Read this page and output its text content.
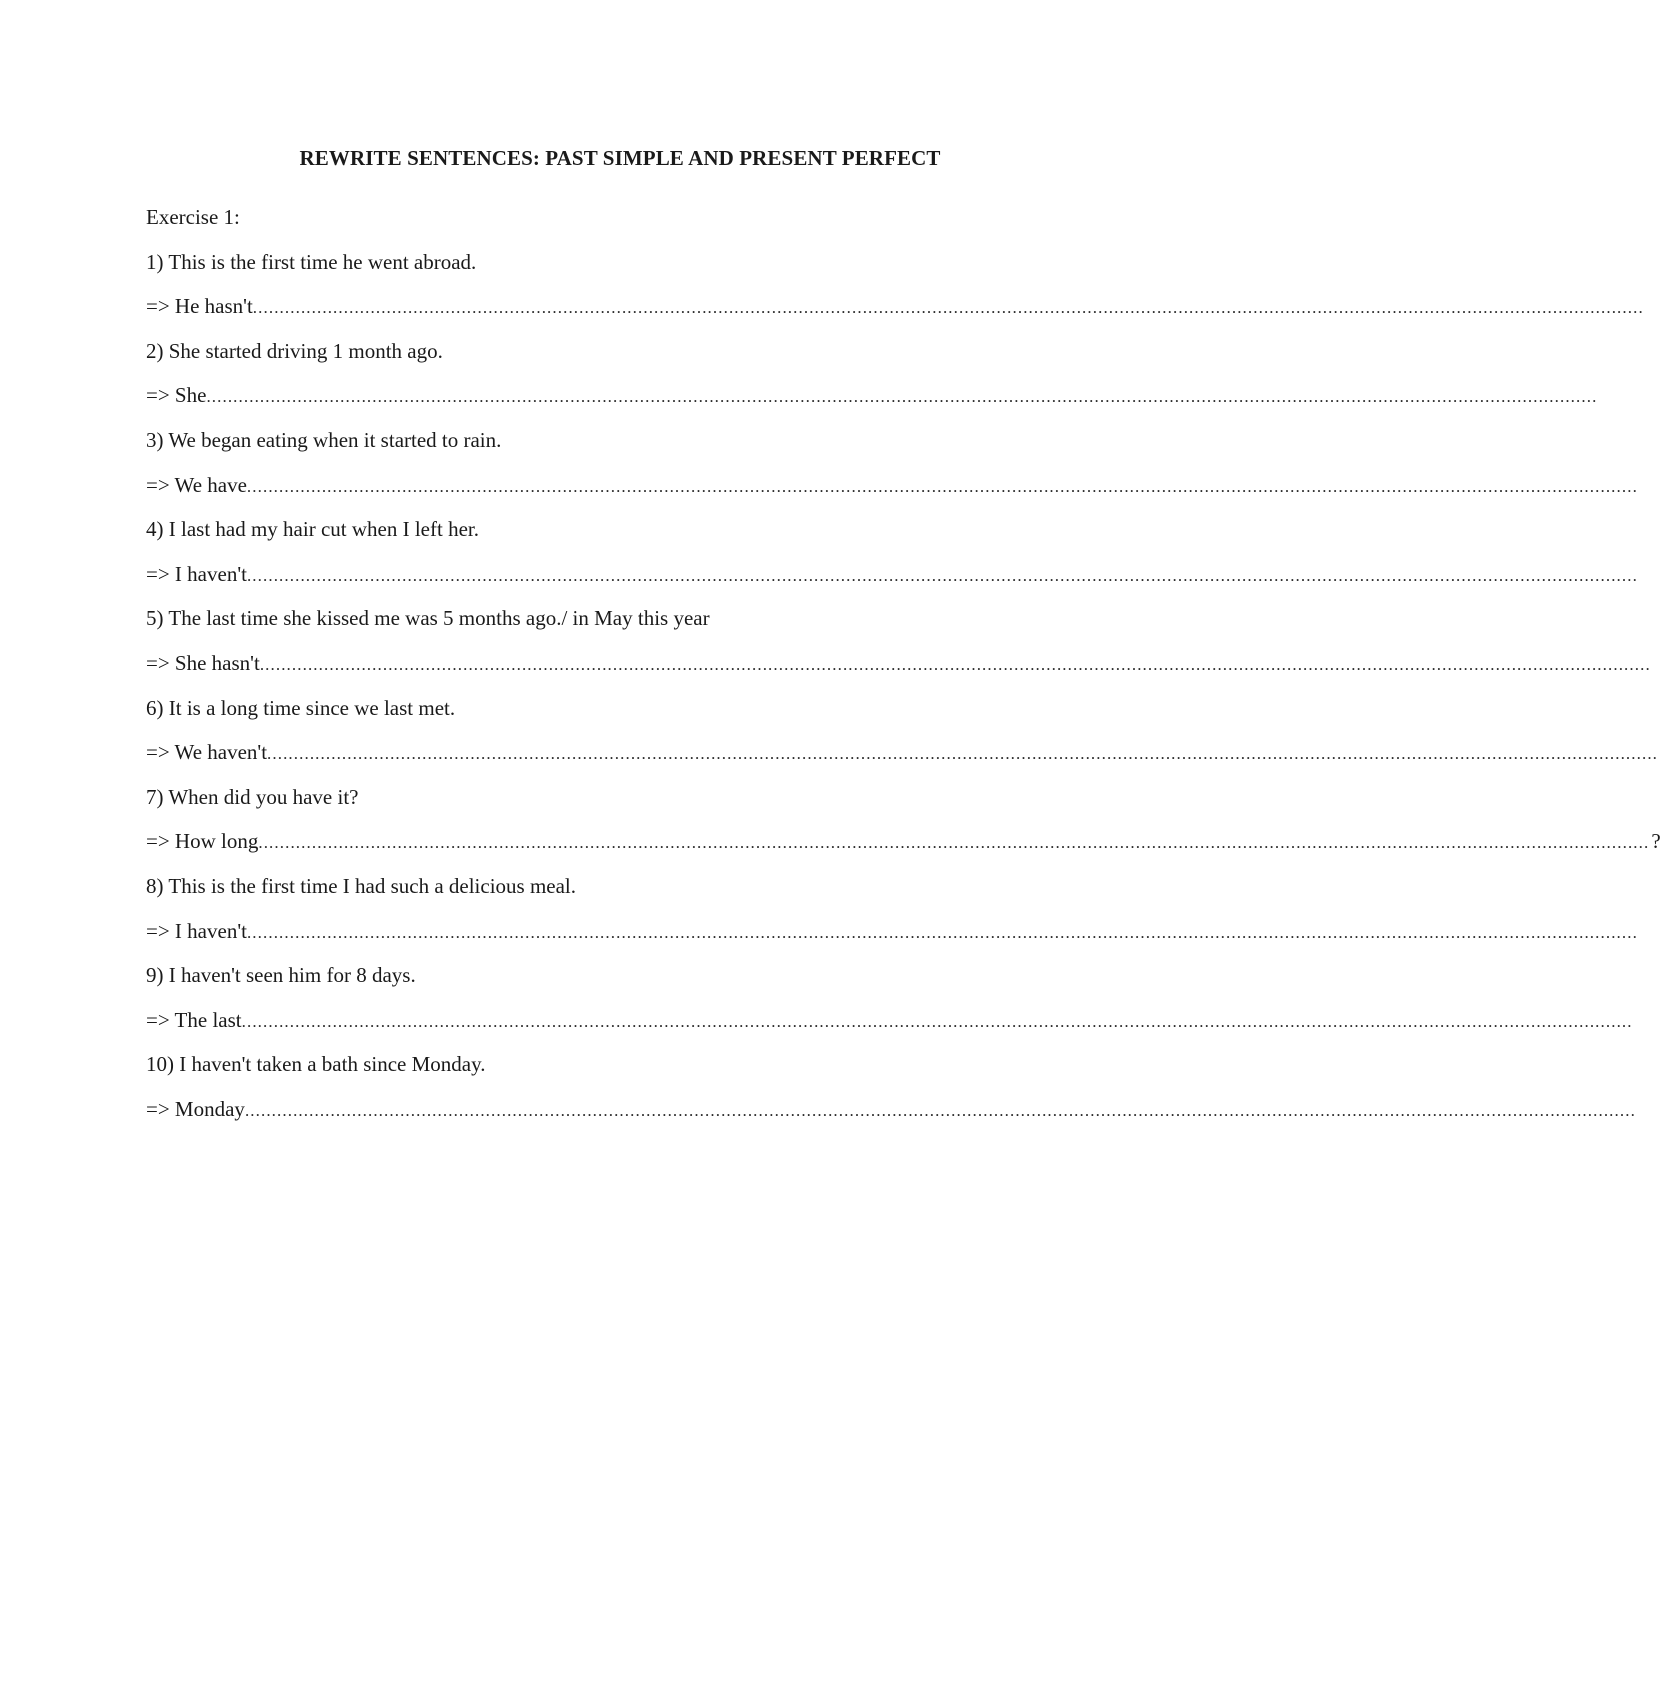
REWRITE SENTENCES: PAST SIMPLE AND PRESENT PERFECT
Exercise 1:
1) This is the first time he went abroad.
=> He hasn't ....................................................................................................................................................................................................................................................................
2) She started driving 1 month ago.
=> She ....................................................................................................................................................................................................................................................................
3) We began eating when it started to rain.
=> We have ....................................................................................................................................................................................................................................................................
4) I last had my hair cut when I left her.
=> I haven't ....................................................................................................................................................................................................................................................................
5) The last time she kissed me was 5 months ago./ in May this year
=> She hasn't ....................................................................................................................................................................................................................................................................
6) It is a long time since we last met.
=> We haven't ....................................................................................................................................................................................................................................................................
7) When did you have it?
=> How long .................................................................................................................................................................................................................................................................... ?
8) This is the first time I had such a delicious meal.
=> I haven't ....................................................................................................................................................................................................................................................................
9) I haven't seen him for 8 days.
=> The last ....................................................................................................................................................................................................................................................................
10) I haven't taken a bath since Monday.
=> Monday ....................................................................................................................................................................................................................................................................
